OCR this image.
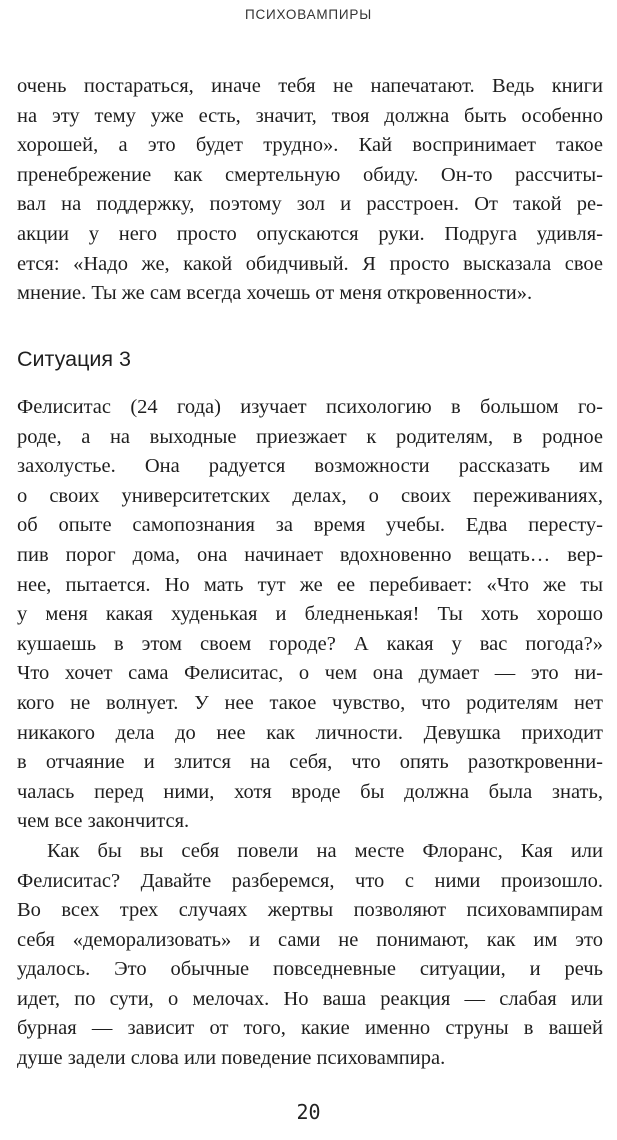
ПСИХОВАМПИРЫ
очень постараться, иначе тебя не напечатают. Ведь книги
на эту тему уже есть, значит, твоя должна быть особенно
хорошей, а это будет трудно». Кай воспринимает такое
пренебрежение как смертельную обиду. Он-то рассчиты-
вал на поддержку, поэтому зол и расстроен. От такой ре-
акции у него просто опускаются руки. Подруга удивля-
ется: «Надо же, какой обидчивый. Я просто высказала свое
мнение. Ты же сам всегда хочешь от меня откровенности».
Ситуация 3
Фелиситас (24 года) изучает психологию в большом го-
роде, а на выходные приезжает к родителям, в родное
захолустье. Она радуется возможности рассказать им
о своих университетских делах, о своих переживаниях,
об опыте самопознания за время учебы. Едва пересту-
пив порог дома, она начинает вдохновенно вещать… вер-
нее, пытается. Но мать тут же ее перебивает: «Что же ты
у меня какая худенькая и бледненькая! Ты хоть хорошо
кушаешь в этом своем городе? А какая у вас погода?»
Что хочет сама Фелиситас, о чем она думает — это ни-
кого не волнует. У нее такое чувство, что родителям нет
никакого дела до нее как личности. Девушка приходит
в отчаяние и злится на себя, что опять разоткровенни-
чалась перед ними, хотя вроде бы должна была знать,
чем все закончится.
Как бы вы себя повели на месте Флоранс, Кая или
Фелиситас? Давайте разберемся, что с ними произошло.
Во всех трех случаях жертвы позволяют психовампирам
себя «деморализовать» и сами не понимают, как им это
удалось. Это обычные повседневные ситуации, и речь
идет, по сути, о мелочах. Но ваша реакция — слабая или
бурная — зависит от того, какие именно струны в вашей
душе задели слова или поведение психовампира.
20
